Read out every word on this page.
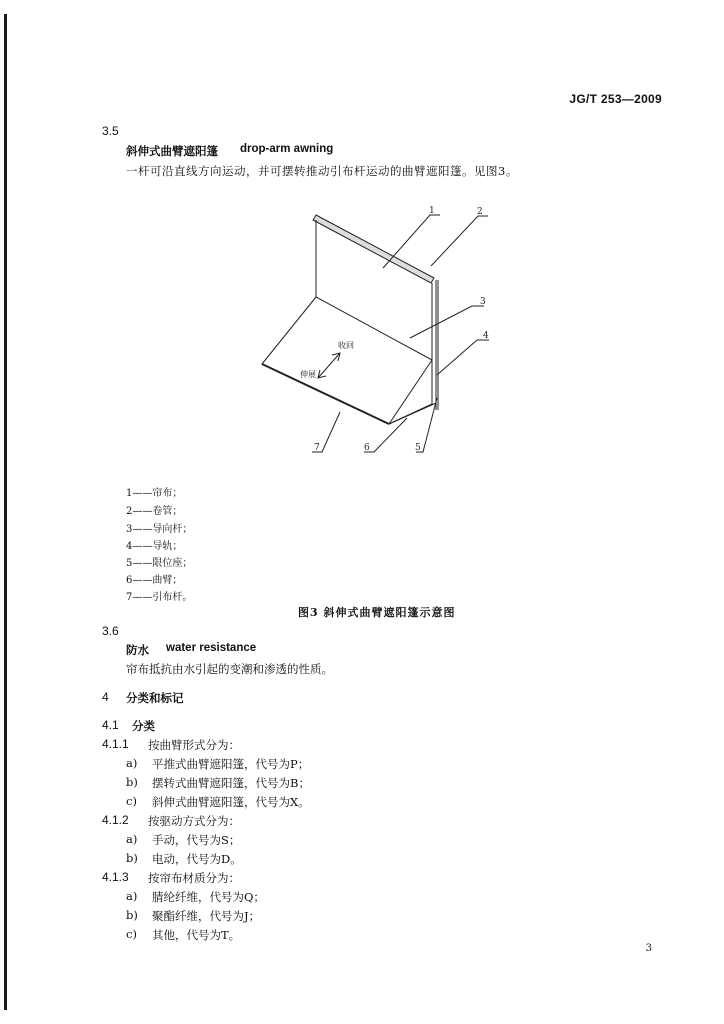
JG/T 253—2009
3.5
斜伸式曲臂遮阳篷 drop-arm awning
一杆可沿直线方向运动，并可摆转推动引布杆运动的曲臂遮阳篷。见图3。
1	2
3
4
5
6
7
收回
伸展
1——帘布；
2——卷管；
3——导向杆；
4——导轨；
5——限位座；
6——曲臂；
7——引布杆。
图3 斜伸式曲臂遮阳篷示意图
3.6
防水 water resistance
帘布抵抗由水引起的变潮和渗透的性质。
4 分类和标记
4.1 分类
4.1.1 按曲臂形式分为：
a) 平推式曲臂遮阳篷，代号为P；
b) 摆转式曲臂遮阳篷，代号为B；
c) 斜伸式曲臂遮阳篷，代号为X。
4.1.2 按驱动方式分为：
a) 手动，代号为S；
b) 电动，代号为D。
4.1.3 按帘布材质分为：
a) 腈纶纤维，代号为Q；
b) 聚酯纤维，代号为J；
c) 其他，代号为T。
3
